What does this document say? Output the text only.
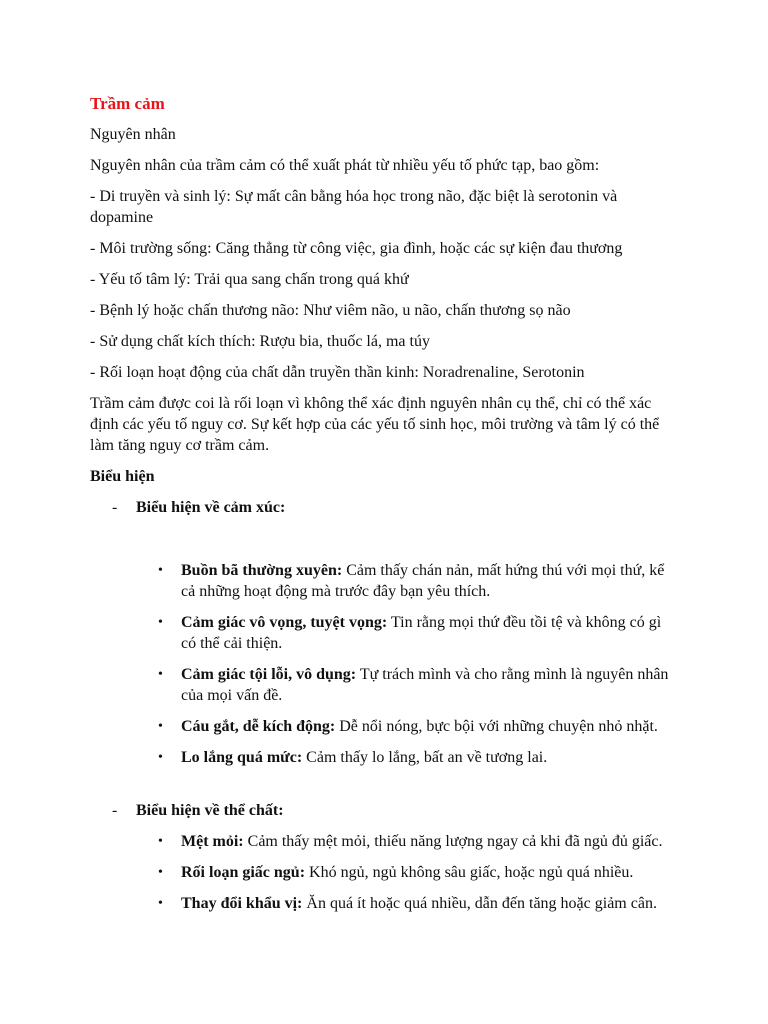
Trầm cảm

Nguyên nhân

Nguyên nhân của trầm cảm có thể xuất phát từ nhiều yếu tố phức tạp, bao gồm:

- Di truyền và sinh lý: Sự mất cân bằng hóa học trong não, đặc biệt là serotonin và dopamine

- Môi trường sống: Căng thẳng từ công việc, gia đình, hoặc các sự kiện đau thương

- Yếu tố tâm lý: Trải qua sang chấn trong quá khứ

- Bệnh lý hoặc chấn thương não: Như viêm não, u não, chấn thương sọ não

- Sử dụng chất kích thích: Rượu bia, thuốc lá, ma túy

- Rối loạn hoạt động của chất dẫn truyền thần kinh: Noradrenaline, Serotonin

Trầm cảm được coi là rối loạn vì không thể xác định nguyên nhân cụ thể, chỉ có thể xác định các yếu tố nguy cơ. Sự kết hợp của các yếu tố sinh học, môi trường và tâm lý có thể làm tăng nguy cơ trầm cảm.

Biểu hiện

- Biểu hiện về cảm xúc:
• Buồn bã thường xuyên: Cảm thấy chán nản, mất hứng thú với mọi thứ, kể cả những hoạt động mà trước đây bạn yêu thích.
• Cảm giác vô vọng, tuyệt vọng: Tin rằng mọi thứ đều tồi tệ và không có gì có thể cải thiện.
• Cảm giác tội lỗi, vô dụng: Tự trách mình và cho rằng mình là nguyên nhân của mọi vấn đề.
• Cáu gắt, dễ kích động: Dễ nổi nóng, bực bội với những chuyện nhỏ nhặt.
• Lo lắng quá mức: Cảm thấy lo lắng, bất an về tương lai.
- Biểu hiện về thể chất:
• Mệt mỏi: Cảm thấy mệt mỏi, thiếu năng lượng ngay cả khi đã ngủ đủ giấc.
• Rối loạn giấc ngủ: Khó ngủ, ngủ không sâu giấc, hoặc ngủ quá nhiều.
• Thay đổi khẩu vị: Ăn quá ít hoặc quá nhiều, dẫn đến tăng hoặc giảm cân.
